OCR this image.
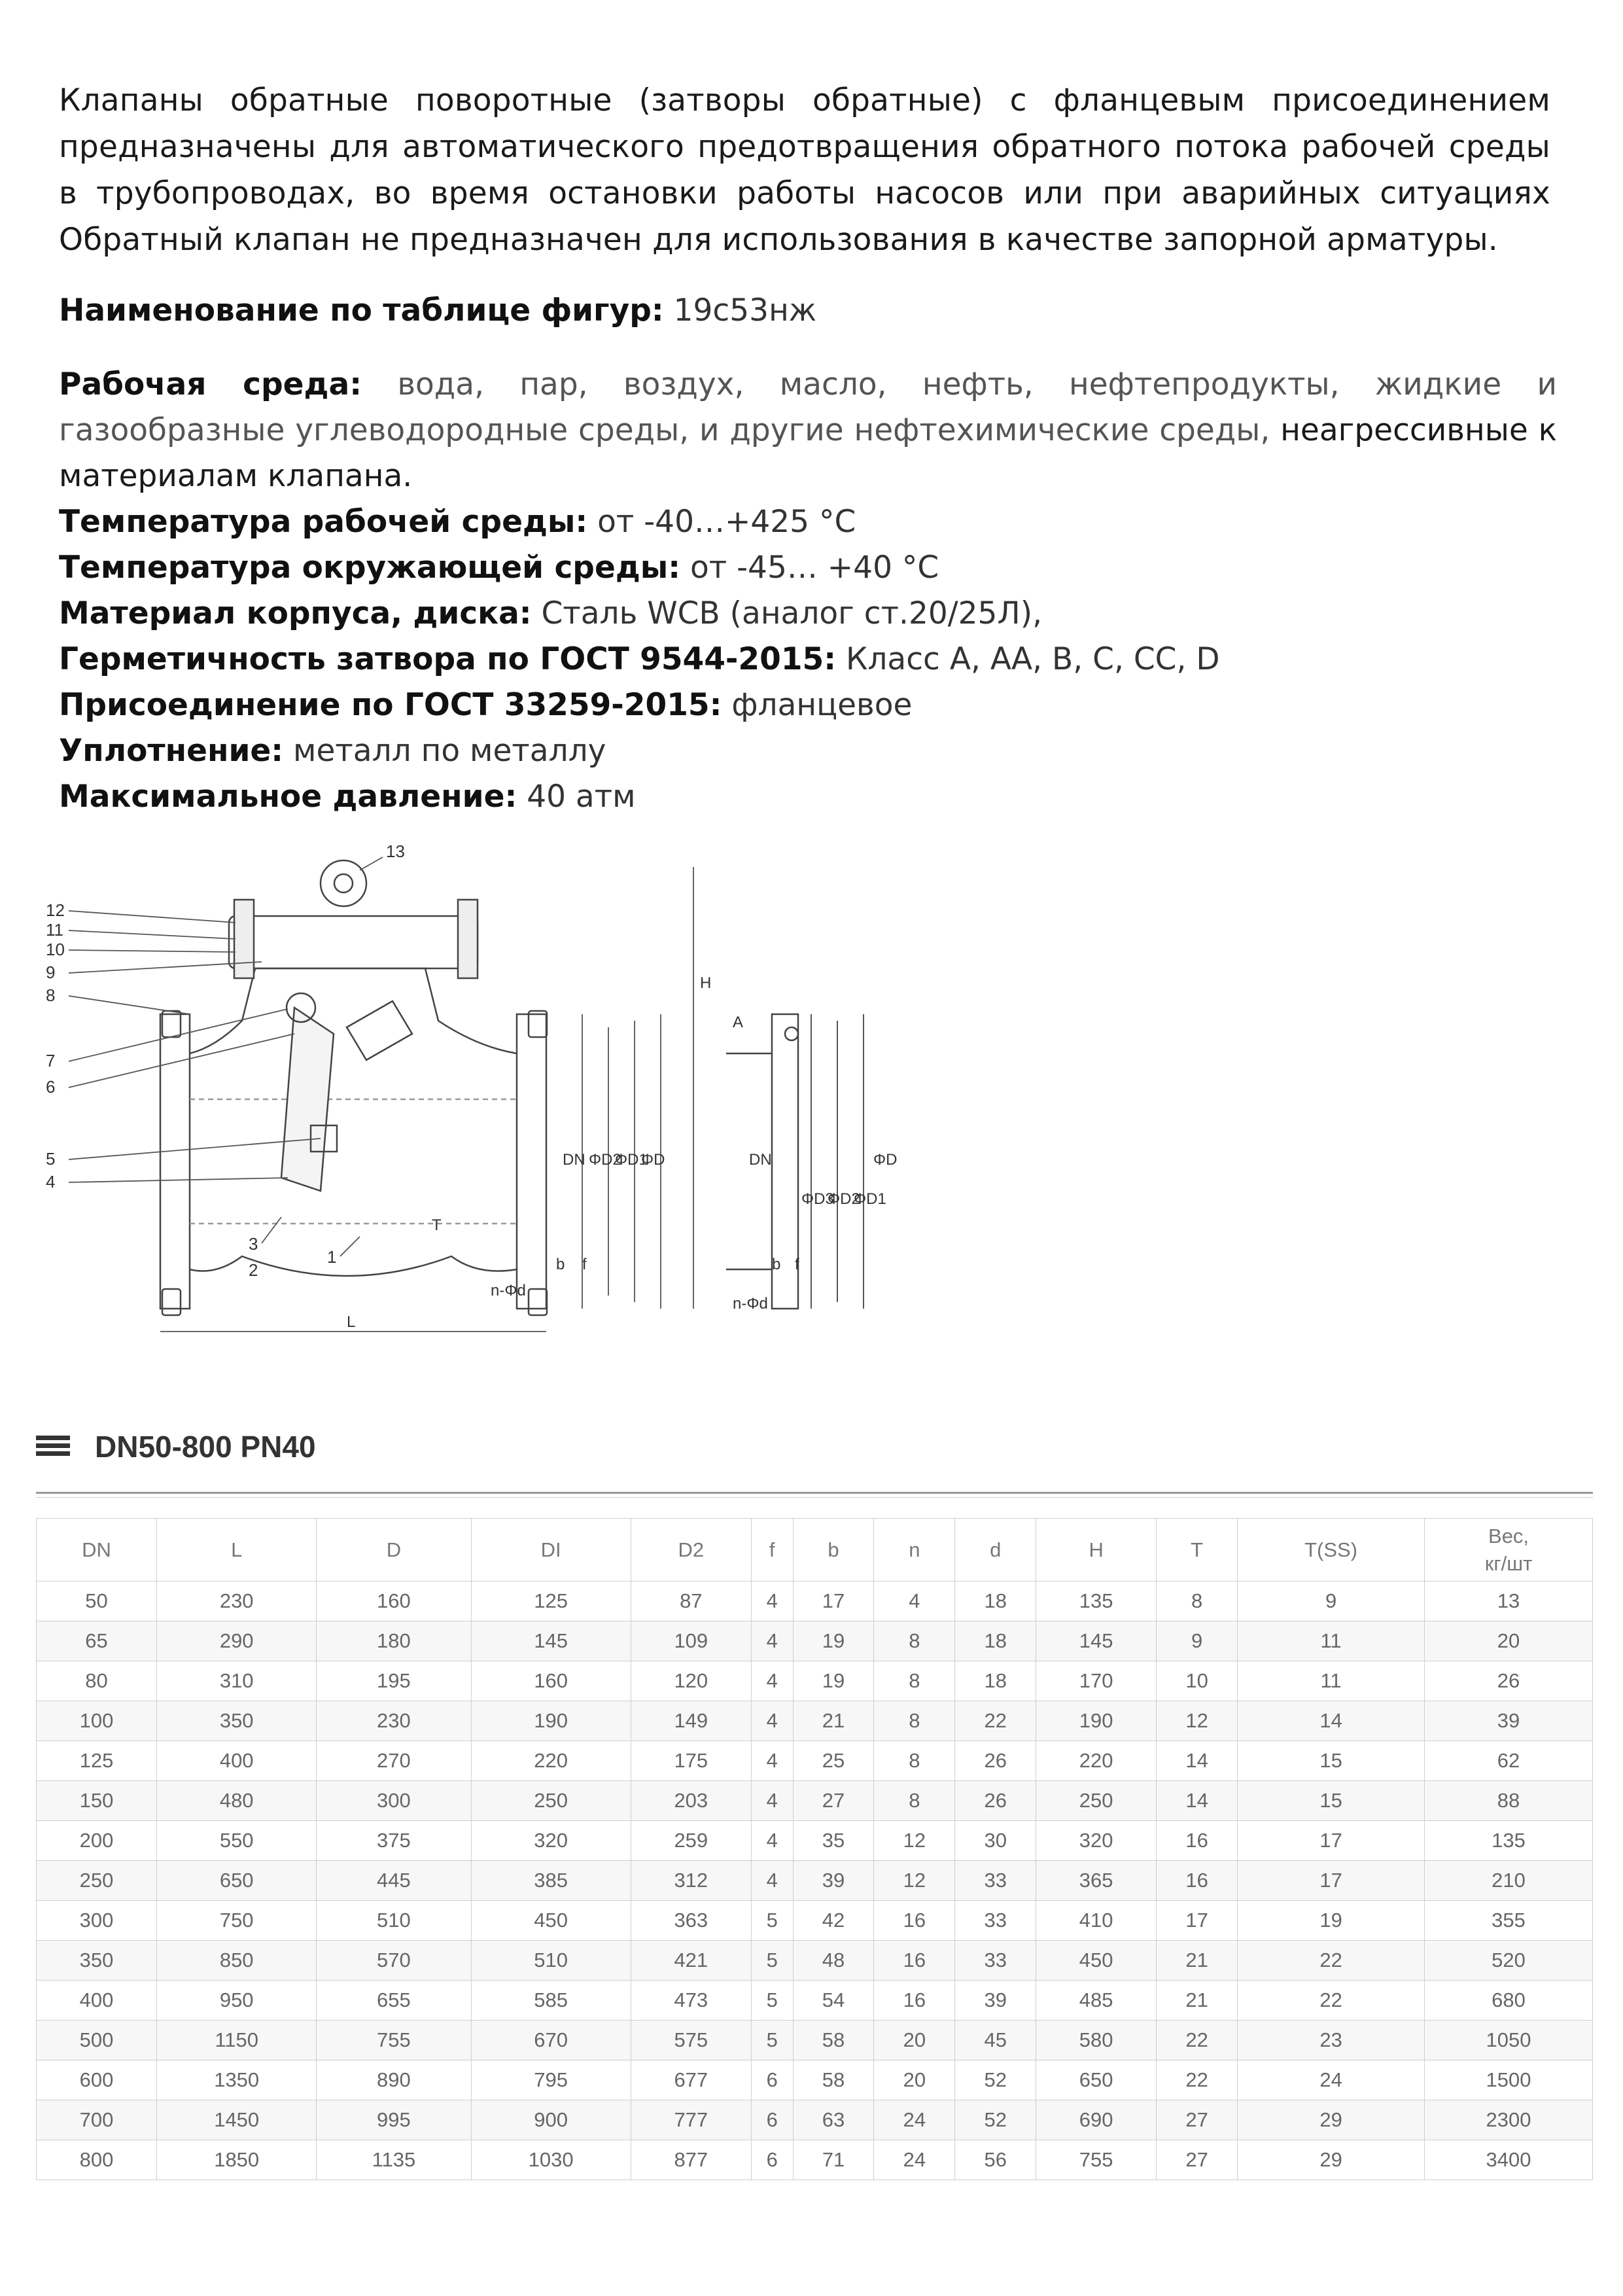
Клапаны обратные поворотные (затворы обратные) с фланцевым присоединением предназначены для автоматического предотвращения обратного потока рабочей среды в трубопроводах, во время остановки работы насосов или при аварийных ситуациях Обратный клапан не предназначен для использования в качестве запорной арматуры.
Наименование по таблице фигур: 19с53нж
Рабочая среда: вода, пар, воздух, масло, нефть, нефтепродукты, жидкие и газообразные углеводородные среды, и другие нефтехимические среды, неагрессивные к материалам клапана.
Температура рабочей среды: от -40…+425 °С
Температура окружающей среды: от -45… +40 °С
Материал корпуса, диска: Сталь WCB (аналог ст.20/25Л),
Герметичность затвора по ГОСТ 9544-2015: Класс А, АА, В, С, СС, D
Присоединение по ГОСТ 33259-2015: фланцевое
Уплотнение: металл по металлу
Максимальное давление: 40 атм
12
11
10
9
8
7
6
5
4
3
2
1
13
L
H
DN ΦD2
ΦD1
ΦD
n-Φd
b f
T
A
DN
ΦD3
ΦD2
ΦD1
ΦD
n-Φd
b f
DN50-800 PN40
DN	L	D	DI	D2	f	b	n	d	H	T	T(SS)	Вес,
кг/шт
50	230	160	125	87	4	17	4	18	135	8	9	13
65	290	180	145	109	4	19	8	18	145	9	11	20
80	310	195	160	120	4	19	8	18	170	10	11	26
100	350	230	190	149	4	21	8	22	190	12	14	39
125	400	270	220	175	4	25	8	26	220	14	15	62
150	480	300	250	203	4	27	8	26	250	14	15	88
200	550	375	320	259	4	35	12	30	320	16	17	135
250	650	445	385	312	4	39	12	33	365	16	17	210
300	750	510	450	363	5	42	16	33	410	17	19	355
350	850	570	510	421	5	48	16	33	450	21	22	520
400	950	655	585	473	5	54	16	39	485	21	22	680
500	1150	755	670	575	5	58	20	45	580	22	23	1050
600	1350	890	795	677	6	58	20	52	650	22	24	1500
700	1450	995	900	777	6	63	24	52	690	27	29	2300
800	1850	1135	1030	877	6	71	24	56	755	27	29	3400
